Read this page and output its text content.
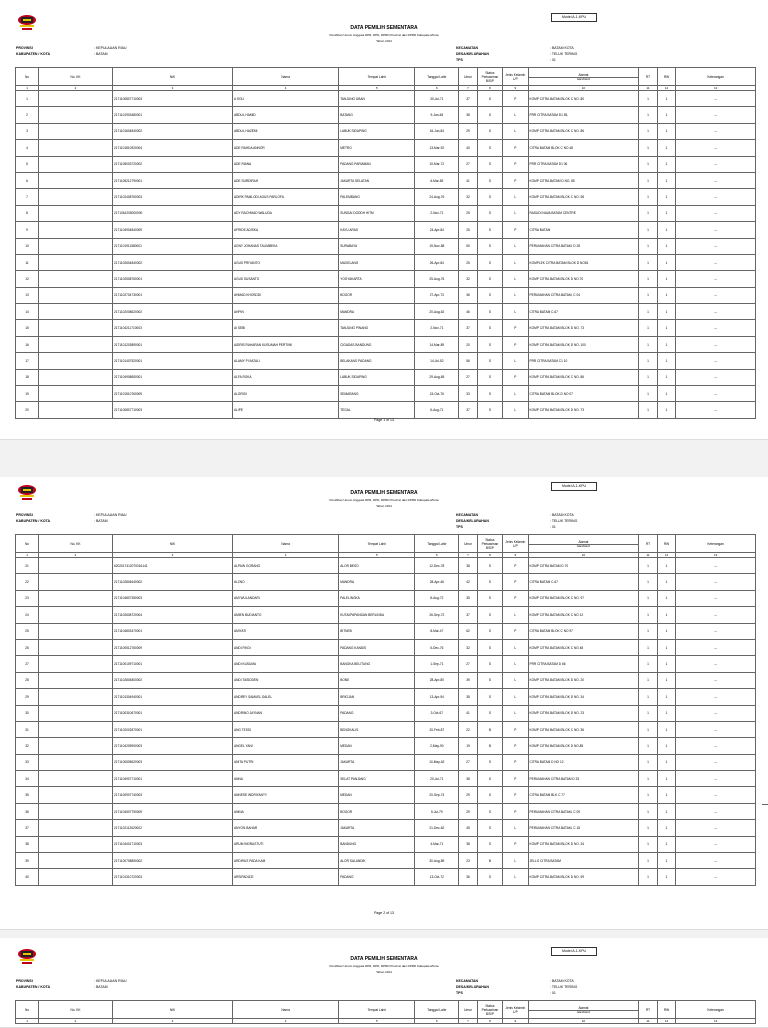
Model A-1-KPU
DATA PEMILIH SEMENTARA
Pemilihan Umum Anggota DPR, DPD, DPRD Provinsi dan DPRD Kabupaten/Kota
Tahun 2014
PROVINSI	: KEPULAUAN RIAU
KABUPATEN / KOTA	: BATAM
KECAMATAN	: BATAM KOTA
DESA/KELURAHAN	: TELUK TERING
TPS	: 01
No	No. KK	NIK	Nama	Tempat Lahir	Tanggal Lahir	Umur	Status Perkawinan B/S/P	Jenis Kelamin L/P	Alamat
Jalan/Dukuh	RT	RW	Keterangan
1	2	3	4	5	6	7	8	9	10	11	12	13
1		2171100807710003	A SOLI	TANJUNG UBAN	30-Jul-71	37	S	P	KOMP CITRA BATAM BLOK C NO. 80	1	1	---
2		2171101903480001	ABDUL HAMID	BATANG	9-Jan-48	38	S	L	PRR CITRA BATAM D1 55,	1	1	---
3		2171101604840002	ABDUL HAZEMI	LABUK SIDAPING	16-Jun-84	29	S	L	KOMP CITRA BATAM BLOK C NO. 86	1	1	---
4		2171101810920004	ADE RAHDA ANNOR	METRO	13-Mar-92	40	S	P	CITRA BATAM BLOK C NO 48	1	1	---
5		2171105003720002	ADE RIANA	PADANG PARIAMAN	10-Mar-72	27	S	P	PRR CITRA BATAM D1 06	1	1	---
6		2171105212790001	ADE SURDIRAH	JAKARTA SELATAN	6-Mar-69	41	S	P	KOMP CITRA BATAM D NO. 85	1	1	---
7		2171102408760003	ADIRK PAMLODI AGUS PARLOFA	PALEMBANG	24-Aug-76	32	S	L	KOMP CITRA BATAM BLOK C NO. 98	1	1	---
8		2171061205000000	ADY RACHMAD WALUDA	SUNGAI DODDH HITM	2-Nov-71	25	S	L	RASUDI NAVA BATAM CENTRE	1	1	---
9		2171104904840009	AFRIDE ADISKA	KAYU ARAS	24-Apr-84	25	S	P	CITRA BATAM	1	1	---
10		2171101911580001	AGNY JOHANAS TALIMBEKA	SURABAYA	19-Nov-58	50	S	L	PERUMAHAN CITRA BATAM, D 28	1	1	---
11		2171102604840002	AGUS PRIYANTO	MAGELANG	26-Apr-84	25	S	L	KOMPLEK CITRA BATAM BLOK D NO81	1	1	---
12		2171102508760001	AGUS SUSANTO	YOGYAKARTA	25-Aug-76	32	S	L	KOMP CITRA BATAM BLOK D NO.70	1	1	---
13		2171102704730001	AHMAD KHOSDDI	BOGOR	27-Apr-73	36	S	L	PERUMAHAN CITRA BATAM, C 04	1	1	---
14		2171102008620002	AHPIN	MANDRA	20-Aug-62	46	S	L	CITRA BATAM C.67	1	1	---
15		2171104211710003	AI SEBI	TANJUNG PINANG	2-Nov-71	37	S	P	KOMP CITRA BATAM BLOK D NO. 73	1	1	---
16		2171101203890001	AIDRIS RAHARAN KUSUMAH PERTIWI	CIGADAS BANDUNG	14-Mar-89	20	S	P	KOMP CITRA BATAM BLOK D NO. 100	1	1	---
17		2171101407520001	ALAMY PI IMZALI	BELAKANG PADANG	14-Jul-52	56	S	L	PRR CITRA BATAM C1 10	1	1	---
18		2171104908650001	ALFA ROKA	LABUK SIDAPING	29-Aug-65	27	S	P	KOMP CITRA BATAM BLOK C NO. 86	1	1	---
19		2171101510760009	ALGRIDI	SEMARANG	15-Oct-76	33	S	L	CITRA BATAM BLOK D NO 07	1	1	---
20		2171100807710003	ALIPE	TEGAL	6-Aug-71	37	S	L	KOMP CITRA BATAM BLOK D NO. 73	1	1	---
Page 1 of 13
Model A-1-KPU
DATA PEMILIH SEMENTARA
Pemilihan Umum Anggota DPR, DPD, DPRD Provinsi dan DPRD Kabupaten/Kota
Tahun 2014
PROVINSI	: KEPULAUAN RIAU
KABUPATEN / KOTA	: BATAM
KECAMATAN	: BATAM KOTA
DESA/KELURAHAN	: TELUK TERING
TPS	: 01
No	No. KK	NIK	Nama	Tempat Lahir	Tanggal Lahir	Umur	Status Perkawinan B/S/P	Jenis Kelamin L/P	Alamat
Jalan/Dukuh	RT	RW	Keterangan
1	2	3	4	5	6	7	8	9	10	11	12	13
21		6202017412070016141	ALPAIN GORANG	ALOR BESO	12-Dec-78	38	S	P	KOMP CITRA BATAM D 70	1	1	---
22		2171102804640002	ALZNO	MANDRA	28-Apr-46	42	S	P	CITRA BATAM C.67	1	1	---
23		2171104807350003	AMI WULANDARI	PALELINGKA	8-Aug-72	35	S	P	KOMP CITRA BATAM BLOK C NO. 97	1	1	---
24		2171102608720004	AMIEN BUDIANTO	KUTAI/PAPANDAN BERLINDA	26-Sep-72	37	S	L	KOMP CITRA BATAM BLOK C NO 12	1	1	---
25		2171104803470001	AMIYATI	BITNEB	8-Mar-47	62	S	P	CITRA BATAM BLOK C NO 97	1	1	---
26		2171100512760009	ANDI FIKDI	PADANG KANDIS	5-Dec-76	32	S	L	KOMP CITRA BATAM BLOK C NO 48	1	1	---
27		2171100109710001	ANDI KUSUMA	BANGKA BELITUNG	1-Sep-71	27	S	L	PRR CITRA BATAM D 66	1	1	---
28		2171102804800002	ANDI TASIDDEN	BONE	28-Apr-80	39	S	L	KOMP CITRA BATAM BLOK D NO. 20	1	1	---
29		2171101304940001	ANDREY SAMUEL DALEL	BRIGJAN	13-Apr-94	35	S	L	KOMP CITRA BATAM BLOK D NO. 34	1	1	---
30		2171100310670001	ANDRINO JAYNAN	PADANG	3-Oct-67	41	S	L	KOMP CITRA BATAM BLOK D NO. 23	1	1	---
31		2171102002870001	ANG TESSI	BENGKALIS	20-Feb-87	22	B	P	KOMP CITRA BATAM BLOK C NO. 36	1	1	---
32		2171104205900003	ANGEL YANI	MEDAN	2-May-90	19	B	P	KOMP CITRA BATAM BLOK D NO.85	1	1	---
33		2171100505620003	ANITA PUTRI	JAKARTA	10-May-62	27	S	P	CITRA BATAM D NO 12	1	1	---
34		2171104907710001	ANNA	SELAT PANJANG	20-Jul-71	38	S	P	PERUMAHAN CITRA BATAM D 33	1	1	---
35		2171100907740003	ANNESE INDRIYANTY	MEDAN	20-Sep-74	29	S	P	CITRA BATAM BLK C 77	1	1	---
36		2171104507790009	ANINA	BOGOR	5-Jul-79	29	S	P	PERUMAHAN CITRA BATAM, C 09	1	1	---
37		2171102112620002	ANYON BAHAR	JAKARTA	21-Dec-62	45	S	L	PERUMAHAN CITRA BATAM, C 18	1	1	---
38		2171104401710003	ARUM INDRASTUTI	BANDUNG	4-Mar-71	38	S	P	KOMP CITRA BATAM BLOK D NO. 34	1	1	---
39		2171100708890002	ARDIRUS PADA KAM	ALOR SALANDIK	30-Aug-89	23	B	L	JELLO CITRA BATAM	1	1	---
40		2171101310720003	ARSIPADIZZI	PADANG	13-Oct-72	36	S	L	KOMP CITRA BATAM BLOK D NO. 99	1	1	---
Page 2 of 13
Model A-1-KPU
DATA PEMILIH SEMENTARA
Pemilihan Umum Anggota DPR, DPD, DPRD Provinsi dan DPRD Kabupaten/Kota
Tahun 2014
PROVINSI	: KEPULAUAN RIAU
KABUPATEN / KOTA	: BATAM
KECAMATAN	: BATAM KOTA
DESA/KELURAHAN	: TELUK TERING
TPS	: 01
No	No. KK	NIK	Nama	Tempat Lahir	Tanggal Lahir	Umur	Status Perkawinan B/S/P	Jenis Kelamin L/P	Alamat
Jalan/Dukuh	RT	RW	Keterangan
1	2	3	4	5	6	7	8	9	10	11	12	13
